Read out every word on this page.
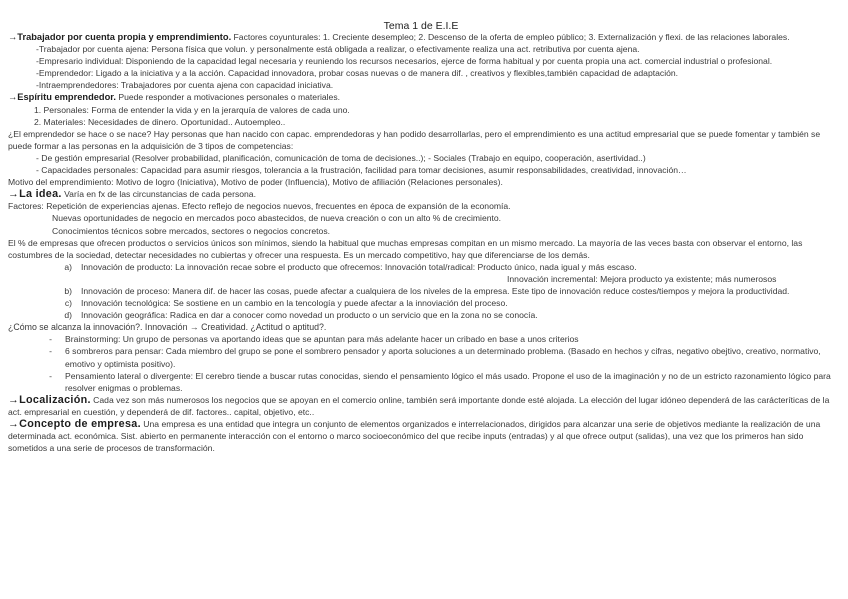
Tema 1 de E.I.E

→Trabajador por cuenta propia y emprendimiento. Factores coyunturales: 1. Creciente desempleo; 2. Descenso de la oferta de empleo público; 3. Externalización y flexi. de las relaciones laborales.

-Trabajador por cuenta ajena: Persona física que volun. y personalmente está obligada a realizar, o efectivamente realiza una act. retributiva por cuenta ajena.

-Empresario individual: Disponiendo de la capacidad legal necesaria y reuniendo los recursos necesarios, ejerce de forma habitual y por cuenta propia una act. comercial industrial o profesional.

-Emprendedor: Ligado a la iniciativa y a la acción. Capacidad innovadora, probar cosas nuevas o de manera dif. , creativos y flexibles,también capacidad de adaptación.

-Intraemprendedores: Trabajadores por cuenta ajena con capacidad iniciativa.

→Espíritu emprendedor. Puede responder a motivaciones personales o materiales.

1. Personales: Forma de entender la vida y en la jerarquía de valores de cada uno.

2. Materiales: Necesidades de dinero. Oportunidad.. Autoempleo..

¿El emprendedor se hace o se nace? Hay personas que han nacido con capac. emprendedoras y han podido desarrollarlas, pero el emprendimiento es una actitud empresarial que se puede fomentar y también se puede formar a las personas en la adquisición de 3 tipos de competencias:

- De gestión empresarial (Resolver probabilidad, planificación, comunicación de toma de decisiones..); - Sociales (Trabajo en equipo, cooperación, asertividad..)

- Capacidades personales: Capacidad para asumir riesgos, tolerancia a la frustración, facilidad para tomar decisiones, asumir responsabilidades, creatividad, innovación…

Motivo del emprendimiento: Motivo de logro (Iniciativa), Motivo de poder (Influencia), Motivo de afiliación (Relaciones personales).

→La idea. Varía en fx de las circunstancias de cada persona.

Factores: Repetición de experiencias ajenas. Efecto reflejo de negocios nuevos, frecuentes en época de expansión de la economía.

Nuevas oportunidades de negocio en mercados poco abastecidos, de nueva creación o con un alto % de crecimiento.

Conocimientos técnicos sobre mercados, sectores o negocios concretos.

El % de empresas que ofrecen productos o servicios únicos son mínimos, siendo la habitual que muchas empresas compitan en un mismo mercado. La mayoría de las veces basta con observar el entorno, las costumbres de la sociedad, detectar necesidades no cubiertas y ofrecer una respuesta. Es un mercado competitivo, hay que diferenciarse de los demás.

a)	Innovación de producto: La innovación recae sobre el producto que ofrecemos: Innovación total/radical: Producto único, nada igual y más escaso.
Innovación incremental: Mejora producto ya existente; más numerosos
b)	Innovación de proceso: Manera dif. de hacer las cosas, puede afectar a cualquiera de los niveles de la empresa. Este tipo de innovación reduce costes/tiempos y mejora la productividad.
c)	Innovación tecnológica: Se sostiene en un cambio en la tencología y puede afectar a la innoviación del proceso.
d)	Innovación geográfica: Radica en dar a conocer como novedad un producto o un servicio que en la zona no se conocía.

¿Cómo se alcanza la innovación?. Innovación → Creatividad. ¿Actitud o aptitud?.

-	Brainstorming: Un grupo de personas va aportando ideas que se apuntan para más adelante hacer un cribado en base a unos criterios
-	6 sombreros para pensar: Cada miembro del grupo se pone el sombrero pensador y aporta soluciones a un determinado problema. (Basado en hechos y cifras, negativo obejtivo, creativo, normativo, emotivo y optimista positivo).
-	Pensamiento lateral o divergente: El cerebro tiende a buscar rutas conocidas, siendo el pensamiento lógico el más usado. Propone el uso de la imaginación y no de un estricto razonamiento lógico para resolver enigmas o problemas.

→Localización. Cada vez son más numerosos los negocios que se apoyan en el comercio online, también será importante donde esté alojada. La elección del lugar idóneo dependerá de las carácteríticas de la act. empresarial en cuestión, y dependerá de dif. factores.. capital, objetivo, etc..

→Concepto de empresa. Una empresa es una entidad que integra un conjunto de elementos organizados e interrelacionados, dirigidos para alcanzar una serie de objetivos mediante la realización de una determinada act. económica. Sist. abierto en permanente interacción con el entorno o marco socioeconómico del que recibe inputs (entradas) y al que ofrece output (salidas), una vez que los primeros han sido sometidos a una serie de procesos de transformación.
